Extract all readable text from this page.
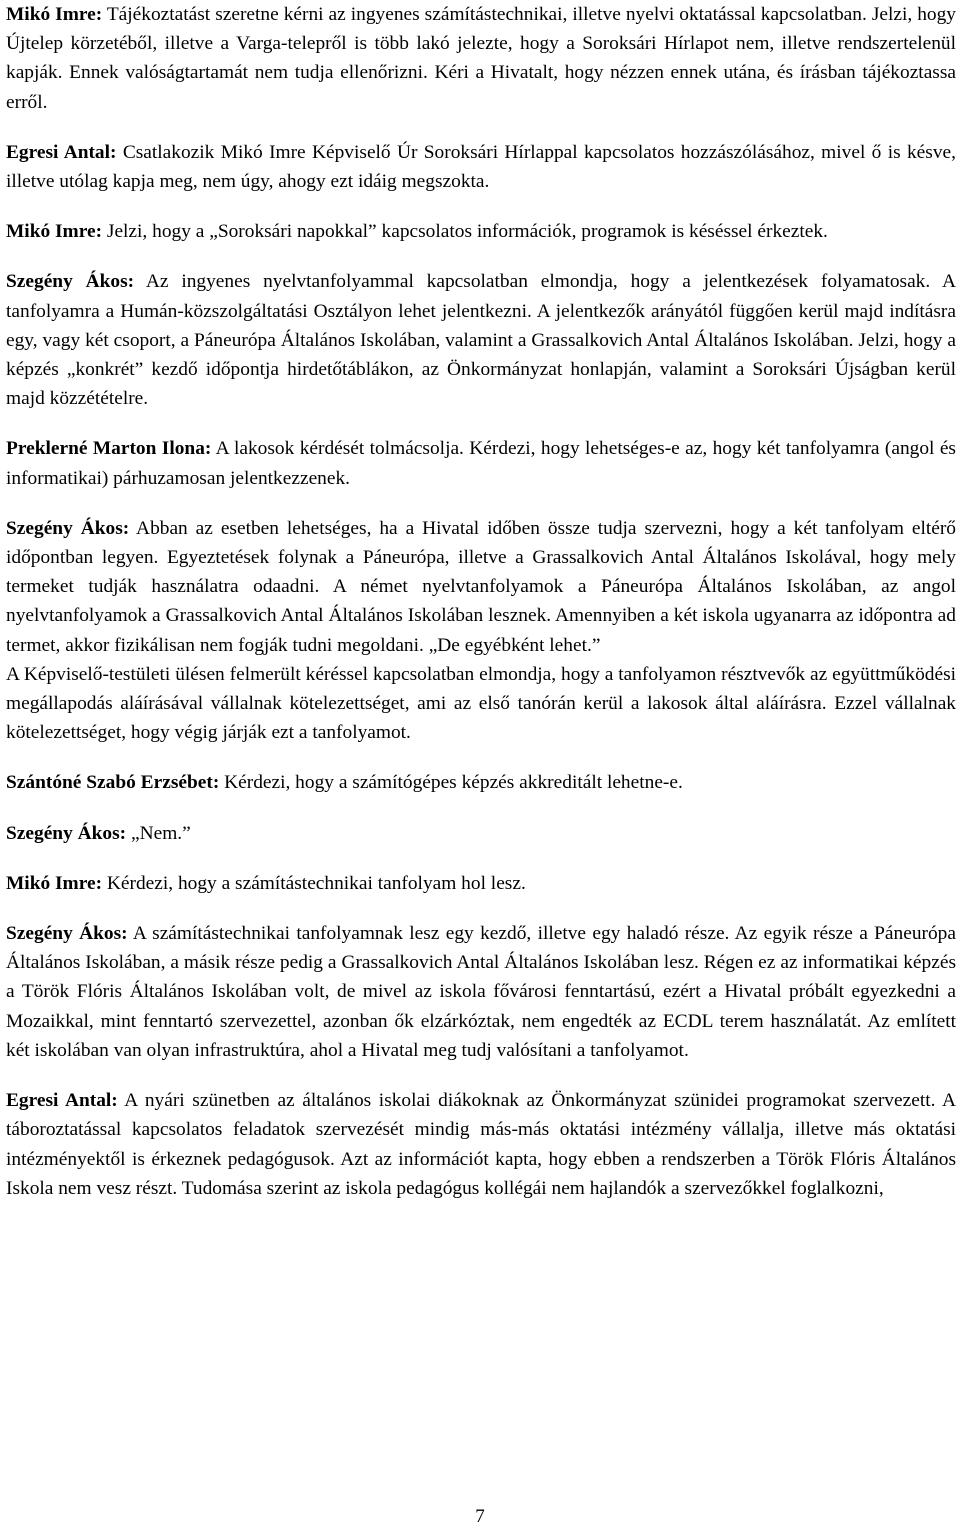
Mikó Imre: Tájékoztatást szeretne kérni az ingyenes számítástechnikai, illetve nyelvi oktatással kapcsolatban. Jelzi, hogy Újtelep körzetéből, illetve a Varga-telepről is több lakó jelezte, hogy a Soroksári Hírlapot nem, illetve rendszertelenül kapják. Ennek valóságtartamát nem tudja ellenőrizni. Kéri a Hivatalt, hogy nézzen ennek utána, és írásban tájékoztassa erről.

Egresi Antal: Csatlakozik Mikó Imre Képviselő Úr Soroksári Hírlappal kapcsolatos hozzászólásához, mivel ő is késve, illetve utólag kapja meg, nem úgy, ahogy ezt idáig megszokta.

Mikó Imre: Jelzi, hogy a „Soroksári napokkal” kapcsolatos információk, programok is késéssel érkeztek.

Szegény Ákos: Az ingyenes nyelvtanfolyammal kapcsolatban elmondja, hogy a jelentkezések folyamatosak. A tanfolyamra a Humán-közszolgáltatási Osztályon lehet jelentkezni. A jelentkezők arányától függően kerül majd indításra egy, vagy két csoport, a Páneurópa Általános Iskolában, valamint a Grassalkovich Antal Általános Iskolában. Jelzi, hogy a képzés „konkrét” kezdő időpontja hirdetőtáblákon, az Önkormányzat honlapján, valamint a Soroksári Újságban kerül majd közzétételre.

Preklerné Marton Ilona: A lakosok kérdését tolmácsolja. Kérdezi, hogy lehetséges-e az, hogy két tanfolyamra (angol és informatikai) párhuzamosan jelentkezzenek.

Szegény Ákos: Abban az esetben lehetséges, ha a Hivatal időben össze tudja szervezni, hogy a két tanfolyam eltérő időpontban legyen. Egyeztetések folynak a Páneurópa, illetve a Grassalkovich Antal Általános Iskolával, hogy mely termeket tudják használatra odaadni. A német nyelvtanfolyamok a Páneurópa Általános Iskolában, az angol nyelvtanfolyamok a Grassalkovich Antal Általános Iskolában lesznek. Amennyiben a két iskola ugyanarra az időpontra ad termet, akkor fizikálisan nem fogják tudni megoldani. „De egyébként lehet.”

A Képviselő-testületi ülésen felmerült kéréssel kapcsolatban elmondja, hogy a tanfolyamon résztvevők az együttműködési megállapodás aláírásával vállalnak kötelezettséget, ami az első tanórán kerül a lakosok által aláírásra. Ezzel vállalnak kötelezettséget, hogy végig járják ezt a tanfolyamot.

Szántóné Szabó Erzsébet: Kérdezi, hogy a számítógépes képzés akkreditált lehetne-e.

Szegény Ákos: „Nem.”

Mikó Imre: Kérdezi, hogy a számítástechnikai tanfolyam hol lesz.

Szegény Ákos: A számítástechnikai tanfolyamnak lesz egy kezdő, illetve egy haladó része. Az egyik része a Páneurópa Általános Iskolában, a másik része pedig a Grassalkovich Antal Általános Iskolában lesz. Régen ez az informatikai képzés a Török Flóris Általános Iskolában volt, de mivel az iskola fővárosi fenntartású, ezért a Hivatal próbált egyezkedni a Mozaikkal, mint fenntartó szervezettel, azonban ők elzárkóztak, nem engedték az ECDL terem használatát. Az említett két iskolában van olyan infrastruktúra, ahol a Hivatal meg tudj valósítani a tanfolyamot.

Egresi Antal: A nyári szünetben az általános iskolai diákoknak az Önkormányzat szünidei programokat szervezett. A táboroztatással kapcsolatos feladatok szervezését mindig más-más oktatási intézmény vállalja, illetve más oktatási intézményektől is érkeznek pedagógusok. Azt az információt kapta, hogy ebben a rendszerben a Török Flóris Általános Iskola nem vesz részt. Tudomása szerint az iskola pedagógus kollégái nem hajlandók a szervezőkkel foglalkozni,

7
